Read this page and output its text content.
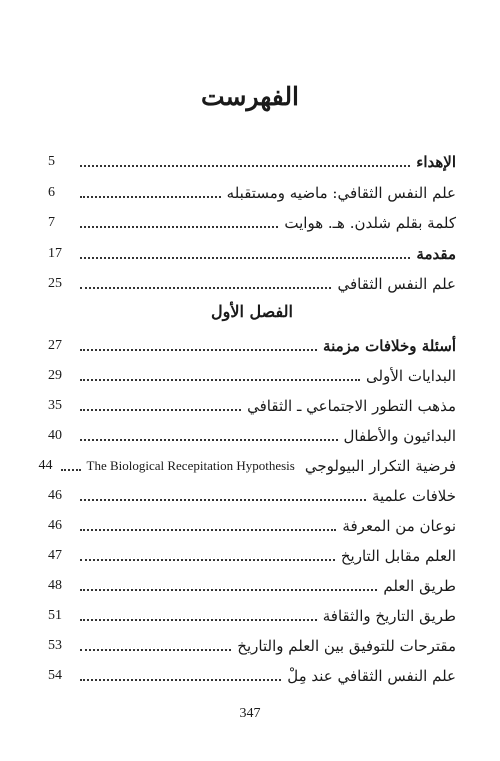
الفهرست
الإهداء
5
علم النفس الثقافي: ماضيه ومستقبله
6
كلمة بقلم شلدن. هـ. هوايت
7
مقدمة
17
علم النفس الثقافي
25
الفصل الأول
أسئلة وخلافات مزمنة
27
البدايات الأولى
29
مذهب التطور الاجتماعي ـ الثقافي
35
البدائيون والأطفال
40
فرضية التكرار البيولوجي
The Biological Recepitation Hypothesis
44
خلافات علمية
46
نوعان من المعرفة
46
العلم مقابل التاريخ
47
طريق العلم
48
طريق التاريخ والثقافة
51
مقترحات للتوفيق بين العلم والتاريخ
53
علم النفس الثقافي عند مِلْ
54
347
